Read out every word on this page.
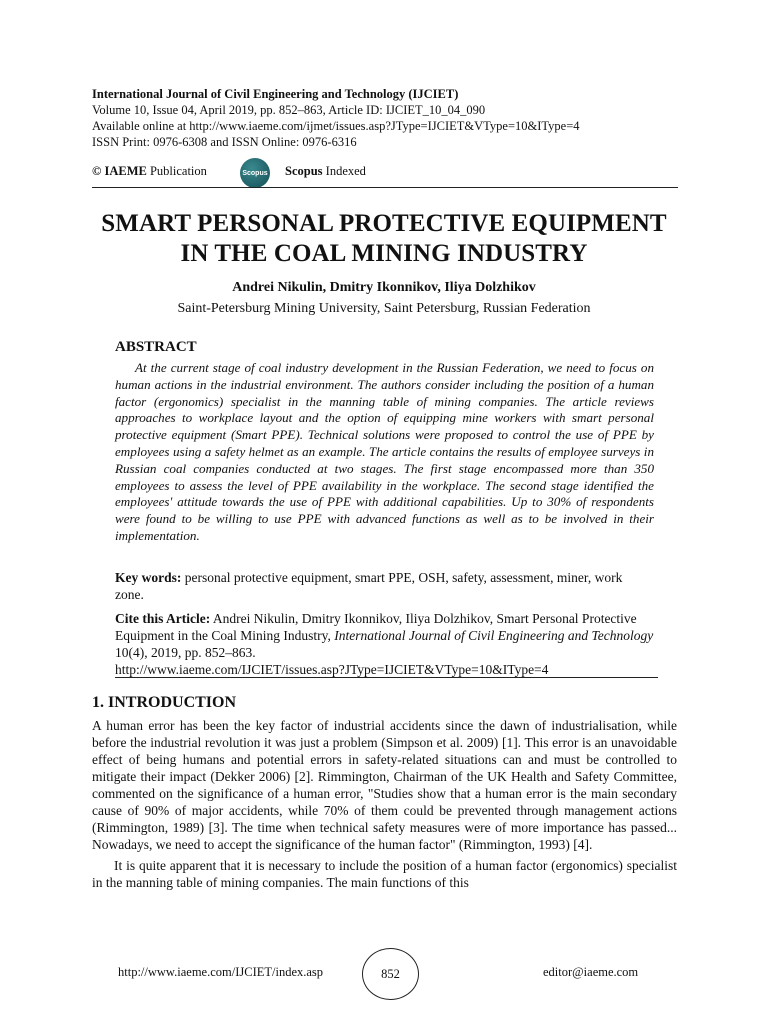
International Journal of Civil Engineering and Technology (IJCIET)
Volume 10, Issue 04, April 2019, pp. 852–863, Article ID: IJCIET_10_04_090
Available online at http://www.iaeme.com/ijmet/issues.asp?JType=IJCIET&VType=10&IType=4
ISSN Print: 0976-6308 and ISSN Online: 0976-6316
© IAEME Publication	Scopus Scopus Indexed
SMART PERSONAL PROTECTIVE EQUIPMENT
IN THE COAL MINING INDUSTRY
Andrei Nikulin, Dmitry Ikonnikov, Iliya Dolzhikov
Saint-Petersburg Mining University, Saint Petersburg, Russian Federation
ABSTRACT
At the current stage of coal industry development in the Russian Federation, we need to focus on human actions in the industrial environment. The authors consider including the position of a human factor (ergonomics) specialist in the manning table of mining companies. The article reviews approaches to workplace layout and the option of equipping mine workers with smart personal protective equipment (Smart PPE). Technical solutions were proposed to control the use of PPE by employees using a safety helmet as an example. The article contains the results of employee surveys in Russian coal companies conducted at two stages. The first stage encompassed more than 350 employees to assess the level of PPE availability in the workplace. The second stage identified the employees' attitude towards the use of PPE with additional capabilities. Up to 30% of respondents were found to be willing to use PPE with advanced functions as well as to be involved in their implementation.
Key words: personal protective equipment, smart PPE, OSH, safety, assessment, miner, work zone.
Cite this Article: Andrei Nikulin, Dmitry Ikonnikov, Iliya Dolzhikov, Smart Personal Protective Equipment in the Coal Mining Industry, International Journal of Civil Engineering and Technology 10(4), 2019, pp. 852–863.
http://www.iaeme.com/IJCIET/issues.asp?JType=IJCIET&VType=10&IType=4
1. INTRODUCTION

A human error has been the key factor of industrial accidents since the dawn of industrialisation, while before the industrial revolution it was just a problem (Simpson et al. 2009) [1]. This error is an unavoidable effect of being humans and potential errors in safety-related situations can and must be controlled to mitigate their impact (Dekker 2006) [2]. Rimmington, Chairman of the UK Health and Safety Committee, commented on the significance of a human error, "Studies show that a human error is the main secondary cause of 90% of major accidents, while 70% of them could be prevented through management actions (Rimmington, 1989) [3]. The time when technical safety measures were of more importance has passed... Nowadays, we need to accept the significance of the human factor" (Rimmington, 1993) [4].

It is quite apparent that it is necessary to include the position of a human factor (ergonomics) specialist in the manning table of mining companies. The main functions of this

http://www.iaeme.com/IJCIET/index.asp	852	editor@iaeme.com
